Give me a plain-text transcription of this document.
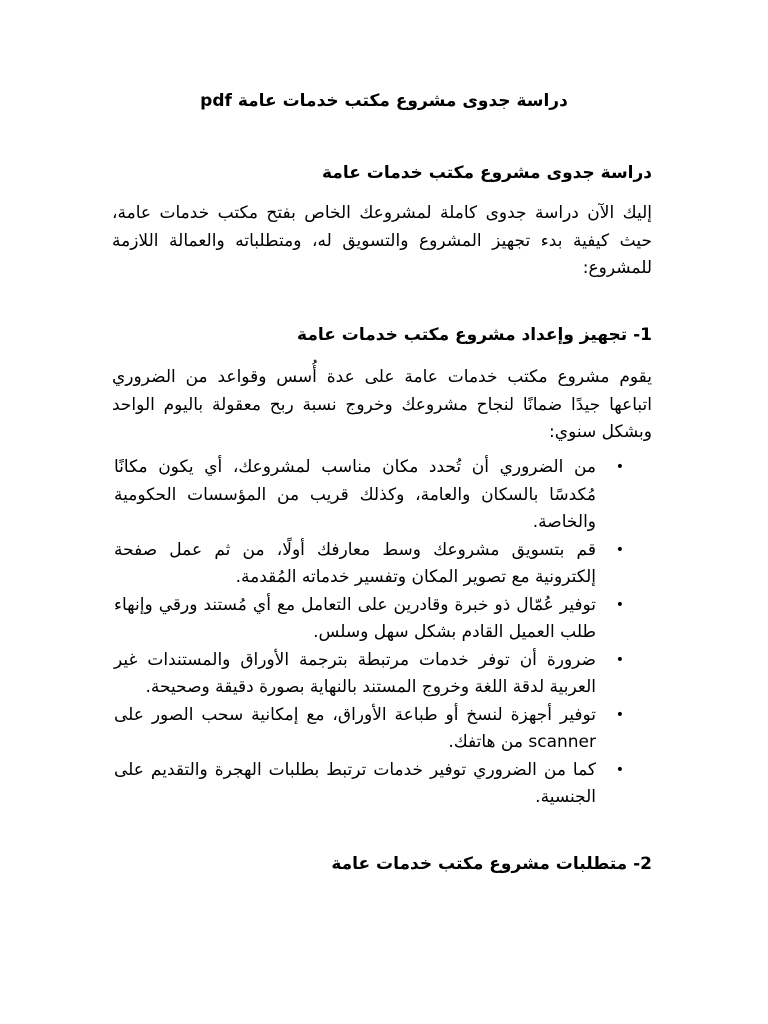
دراسة جدوى مشروع مكتب خدمات عامة pdf
دراسة جدوى مشروع مكتب خدمات عامة

إليك الآن دراسة جدوى كاملة لمشروعك الخاص بفتح مكتب خدمات عامة، حيث كيفية بدء تجهيز المشروع والتسويق له، ومتطلباته والعمالة اللازمة للمشروع:

1- تجهيز وإعداد مشروع مكتب خدمات عامة

يقوم مشروع مكتب خدمات عامة على عدة أُسس وقواعد من الضروري اتباعها جيدًا ضمانًا لنجاح مشروعك وخروج نسبة ربح معقولة باليوم الواحد وبشكل سنوي:

•
من الضروري أن تُحدد مكان مناسب لمشروعك، أي يكون مكانًا مُكدسًا بالسكان والعامة، وكذلك قريب من المؤسسات الحكومية والخاصة.
•
قم بتسويق مشروعك وسط معارفك أولًا، من ثم عمل صفحة إلكترونية مع تصوير المكان وتفسير خدماته المُقدمة.
•
توفير عُمّال ذو خبرة وقادرين على التعامل مع أي مُستند ورقي وإنهاء طلب العميل القادم بشكل سهل وسلس.
•
ضرورة أن توفر خدمات مرتبطة بترجمة الأوراق والمستندات غير العربية لدقة اللغة وخروج المستند بالنهاية بصورة دقيقة وصحيحة.
•
توفير أجهزة لنسخ أو طباعة الأوراق، مع إمكانية سحب الصور على scanner من هاتفك.
•
كما من الضروري توفير خدمات ترتبط بطلبات الهجرة والتقديم على الجنسية.
2- متطلبات مشروع مكتب خدمات عامة
